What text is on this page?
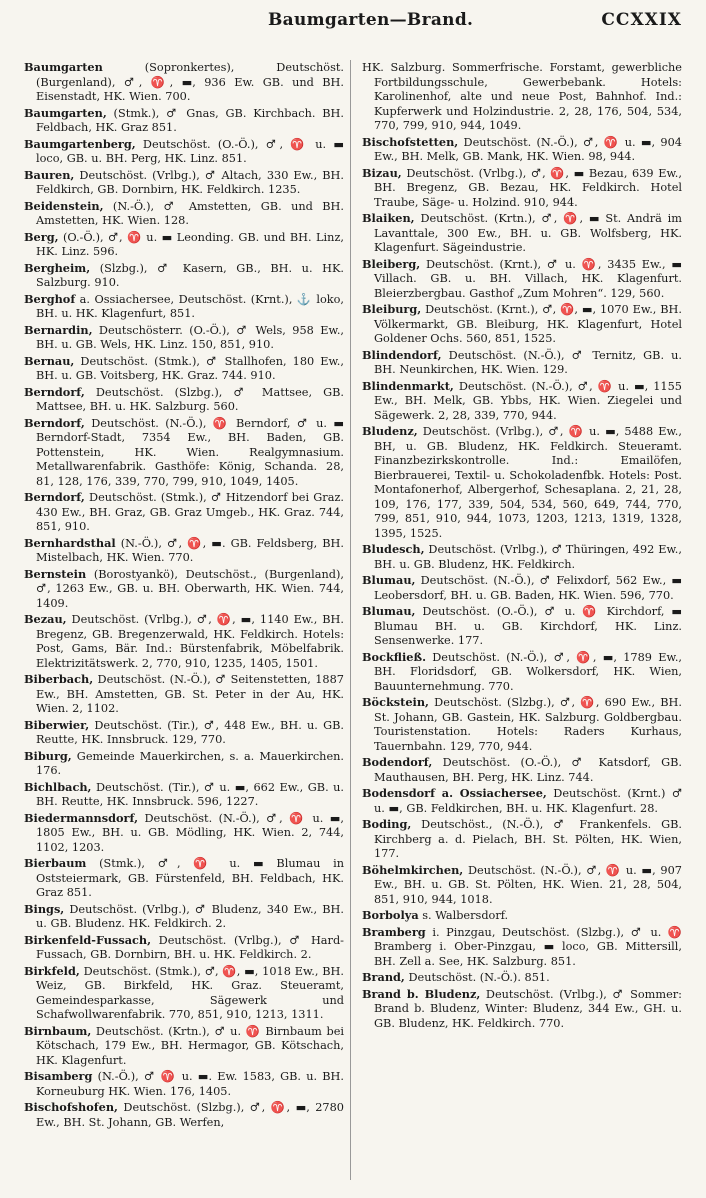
Baumgarten—Brand.	CCXXIX
Baumgarten (Sopronkertes), Deutschöst. (Burgenland), ♂, ♈, ▬, 936 Ew. GB. und BH. Eisenstadt, HK. Wien. 700.
Baumgarten, (Stmk.), ♂ Gnas, GB. Kirchbach. BH. Feldbach, HK. Graz 851.
Baumgartenberg, Deutschöst. (O.-Ö.), ♂, ♈ u. ▬ loco, GB. u. BH. Perg, HK. Linz. 851.
Bauren, Deutschöst. (Vrlbg.), ♂ Altach, 330 Ew., BH. Feldkirch, GB. Dornbirn, HK. Feldkirch. 1235.
Beidenstein, (N.-Ö.), ♂ Amstetten, GB. und BH. Amstetten, HK. Wien. 128.
Berg, (O.-Ö.), ♂, ♈ u. ▬ Leonding. GB. und BH. Linz, HK. Linz. 596.
Bergheim, (Slzbg.), ♂ Kasern, GB., BH. u. HK. Salzburg. 910.
Berghof a. Ossiachersee, Deutschöst. (Krnt.), ⚓ loko, BH. u. HK. Klagenfurt, 851.
Bernardin, Deutschösterr. (O.-Ö.), ♂ Wels, 958 Ew., BH. u. GB. Wels, HK. Linz. 150, 851, 910.
Bernau, Deutschöst. (Stmk.), ♂ Stallhofen, 180 Ew., BH. u. GB. Voitsberg, HK. Graz. 744. 910.
Berndorf, Deutschöst. (Slzbg.), ♂ Mattsee, GB. Mattsee, BH. u. HK. Salzburg. 560.
Berndorf, Deutschöst. (N.-Ö.), ♈ Berndorf, ♂ u. ▬ Berndorf-Stadt, 7354 Ew., BH. Baden, GB. Pottenstein, HK. Wien. Realgymnasium. Metallwarenfabrik. Gasthöfe: König, Schanda. 28, 81, 128, 176, 339, 770, 799, 910, 1049, 1405.
Berndorf, Deutschöst. (Stmk.), ♂ Hitzendorf bei Graz. 430 Ew., BH. Graz, GB. Graz Umgeb., HK. Graz. 744, 851, 910.
Bernhardsthal (N.-Ö.), ♂, ♈, ▬. GB. Feldsberg, BH. Mistelbach, HK. Wien. 770.
Bernstein (Borostyankö), Deutschöst., (Burgenland), ♂, 1263 Ew., GB. u. BH. Oberwarth, HK. Wien. 744, 1409.
Bezau, Deutschöst. (Vrlbg.), ♂, ♈, ▬, 1140 Ew., BH. Bregenz, GB. Bregenzerwald, HK. Feldkirch. Hotels: Post, Gams, Bär. Ind.: Bürstenfabrik, Möbelfabrik. Elektrizitätswerk. 2, 770, 910, 1235, 1405, 1501.
Biberbach, Deutschöst. (N.-Ö.), ♂ Seitenstetten, 1887 Ew., BH. Amstetten, GB. St. Peter in der Au, HK. Wien. 2, 1102.
Biberwier, Deutschöst. (Tir.), ♂, 448 Ew., BH. u. GB. Reutte, HK. Innsbruck. 129, 770.
Biburg, Gemeinde Mauerkirchen, s. a. Mauerkirchen. 176.
Bichlbach, Deutschöst. (Tir.), ♂ u. ▬, 662 Ew., GB. u. BH. Reutte, HK. Innsbruck. 596, 1227.
Biedermannsdorf, Deutschöst. (N.-Ö.), ♂, ♈ u. ▬, 1805 Ew., BH. u. GB. Mödling, HK. Wien. 2, 744, 1102, 1203.
Bierbaum (Stmk.), ♂, ♈ u. ▬ Blumau in Oststeiermark, GB. Fürstenfeld, BH. Feldbach, HK. Graz 851.
Bings, Deutschöst. (Vrlbg.), ♂ Bludenz, 340 Ew., BH. u. GB. Bludenz. HK. Feldkirch. 2.
Birkenfeld-Fussach, Deutschöst. (Vrlbg.), ♂ Hard-Fussach, GB. Dornbirn, BH. u. HK. Feldkirch. 2.
Birkfeld, Deutschöst. (Stmk.), ♂, ♈, ▬, 1018 Ew., BH. Weiz, GB. Birkfeld, HK. Graz. Steueramt, Gemeindesparkasse, Sägewerk und Schafwollwarenfabrik. 770, 851, 910, 1213, 1311.
Birnbaum, Deutschöst. (Krtn.), ♂ u. ♈ Birnbaum bei Kötschach, 179 Ew., BH. Hermagor, GB. Kötschach, HK. Klagenfurt.
Bisamberg (N.-Ö.), ♂ ♈ u. ▬. Ew. 1583, GB. u. BH. Korneuburg HK. Wien. 176, 1405.
Bischofshofen, Deutschöst. (Slzbg.), ♂, ♈, ▬, 2780 Ew., BH. St. Johann, GB. Werfen,
HK. Salzburg. Sommerfrische. Forstamt, gewerbliche Fortbildungsschule, Gewerbebank. Hotels: Karolinenhof, alte und neue Post, Bahnhof. Ind.: Kupferwerk und Holzindustrie. 2, 28, 176, 504, 534, 770, 799, 910, 944, 1049.
Bischofstetten, Deutschöst. (N.-Ö.), ♂, ♈ u. ▬, 904 Ew., BH. Melk, GB. Mank, HK. Wien. 98, 944.
Bizau, Deutschöst. (Vrlbg.), ♂, ♈, ▬ Bezau, 639 Ew., BH. Bregenz, GB. Bezau, HK. Feldkirch. Hotel Traube, Säge- u. Holzind. 910, 944.
Blaiken, Deutschöst. (Krtn.), ♂, ♈, ▬ St. Andrä im Lavanttale, 300 Ew., BH. u. GB. Wolfsberg, HK. Klagenfurt. Sägeindustrie.
Bleiberg, Deutschöst. (Krnt.), ♂ u. ♈, 3435 Ew., ▬ Villach. GB. u. BH. Villach, HK. Klagenfurt. Bleierzbergbau. Gasthof „Zum Mohren“. 129, 560.
Bleiburg, Deutschöst. (Krnt.), ♂, ♈, ▬, 1070 Ew., BH. Völkermarkt, GB. Bleiburg, HK. Klagenfurt, Hotel Goldener Ochs. 560, 851, 1525.
Blindendorf, Deutschöst. (N.-Ö.), ♂ Ternitz, GB. u. BH. Neunkirchen, HK. Wien. 129.
Blindenmarkt, Deutschöst. (N.-Ö.), ♂, ♈ u. ▬, 1155 Ew., BH. Melk, GB. Ybbs, HK. Wien. Ziegelei und Sägewerk. 2, 28, 339, 770, 944.
Bludenz, Deutschöst. (Vrlbg.), ♂, ♈ u. ▬, 5488 Ew., BH, u. GB. Bludenz, HK. Feldkirch. Steueramt. Finanzbezirkskontrolle. Ind.: Emailöfen, Bierbrauerei, Textil- u. Schokoladenfbk. Hotels: Post. Montafonerhof, Albergerhof, Schesaplana. 2, 21, 28, 109, 176, 177, 339, 504, 534, 560, 649, 744, 770, 799, 851, 910, 944, 1073, 1203, 1213, 1319, 1328, 1395, 1525.
Bludesch, Deutschöst. (Vrlbg.), ♂ Thüringen, 492 Ew., BH. u. GB. Bludenz, HK. Feldkirch.
Blumau, Deutschöst. (N.-Ö.), ♂ Felixdorf, 562 Ew., ▬ Leobersdorf, BH. u. GB. Baden, HK. Wien. 596, 770.
Blumau, Deutschöst. (O.-Ö.), ♂ u. ♈ Kirchdorf, ▬ Blumau BH. u. GB. Kirchdorf, HK. Linz. Sensenwerke. 177.
Bockfließ. Deutschöst. (N.-Ö.), ♂, ♈, ▬, 1789 Ew., BH. Floridsdorf, GB. Wolkersdorf, HK. Wien, Bauunternehmung. 770.
Böckstein, Deutschöst. (Slzbg.), ♂, ♈, 690 Ew., BH. St. Johann, GB. Gastein, HK. Salzburg. Goldbergbau. Touristenstation. Hotels: Raders Kurhaus, Tauernbahn. 129, 770, 944.
Bodendorf, Deutschöst. (O.-Ö.), ♂ Katsdorf, GB. Mauthausen, BH. Perg, HK. Linz. 744.
Bodensdorf a. Ossiachersee, Deutschöst. (Krnt.) ♂ u. ▬, GB. Feldkirchen, BH. u. HK. Klagenfurt. 28.
Boding, Deutschöst., (N.-Ö.), ♂ Frankenfels. GB. Kirchberg a. d. Pielach, BH. St. Pölten, HK. Wien, 177.
Böhelmkirchen, Deutschöst. (N.-Ö.), ♂, ♈ u. ▬, 907 Ew., BH. u. GB. St. Pölten, HK. Wien. 21, 28, 504, 851, 910, 944, 1018.
Borbolya s. Walbersdorf.
Bramberg i. Pinzgau, Deutschöst. (Slzbg.), ♂ u. ♈ Bramberg i. Ober-Pinzgau, ▬ loco, GB. Mittersill, BH. Zell a. See, HK. Salzburg. 851.
Brand, Deutschöst. (N.-Ö.). 851.
Brand b. Bludenz, Deutschöst. (Vrlbg.), ♂ Sommer: Brand b. Bludenz, Winter: Bludenz, 344 Ew., GH. u. GB. Bludenz, HK. Feldkirch. 770.
